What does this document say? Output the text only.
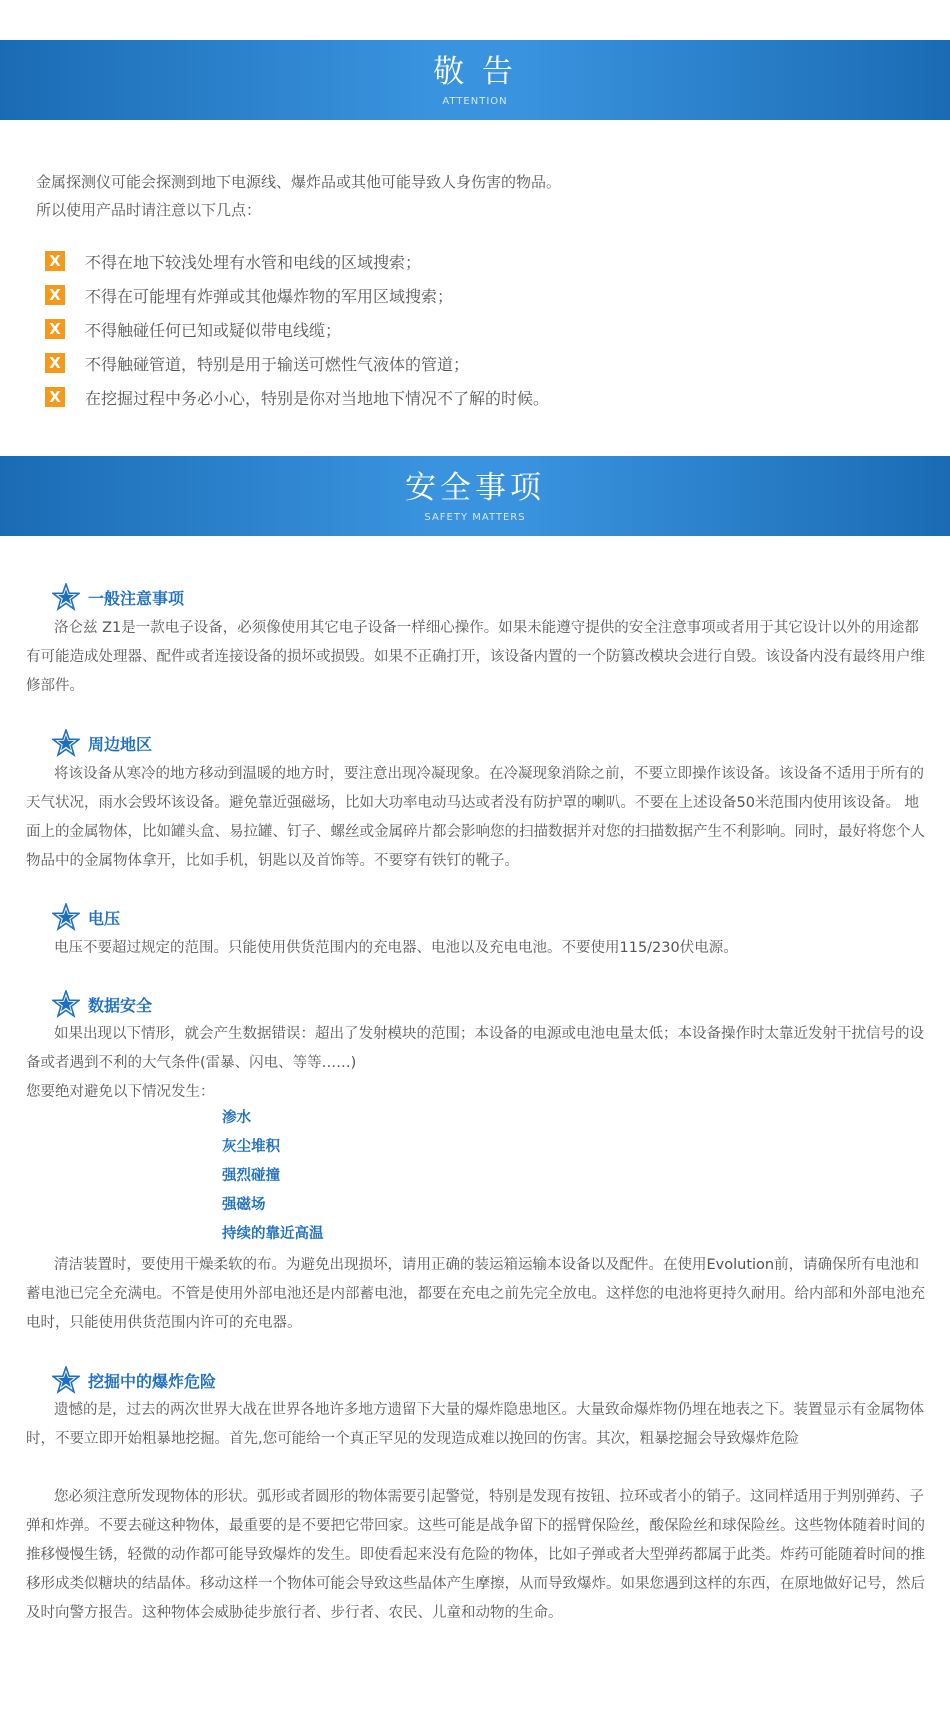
敬 告
ATTENTION
金属探测仪可能会探测到地下电源线、爆炸品或其他可能导致人身伤害的物品。
所以使用产品时请注意以下几点：
X 不得在地下较浅处埋有水管和电线的区域搜索；
X 不得在可能埋有炸弹或其他爆炸物的军用区域搜索；
X 不得触碰任何已知或疑似带电线缆；
X 不得触碰管道，特别是用于输送可燃性气液体的管道；
X 在挖掘过程中务必小心，特别是你对当地地下情况不了解的时候。
安全事项
SAFETY MATTERS
一般注意事项

洛仑兹 Z1是一款电子设备，必须像使用其它电子设备一样细心操作。如果未能遵守提供的安全注意事项或者用于其它设计以外的用途都有可能造成处理器、配件或者连接设备的损坏或损毁。如果不正确打开，该设备内置的一个防篡改模块会进行自毁。该设备内没有最终用户维修部件。

周边地区

将该设备从寒冷的地方移动到温暖的地方时，要注意出现冷凝现象。在冷凝现象消除之前，不要立即操作该设备。该设备不适用于所有的天气状况，雨水会毁坏该设备。避免靠近强磁场，比如大功率电动马达或者没有防护罩的喇叭。不要在上述设备50米范围内使用该设备。 地面上的金属物体，比如罐头盒、易拉罐、钉子、螺丝或金属碎片都会影响您的扫描数据并对您的扫描数据产生不利影响。同时，最好将您个人物品中的金属物体拿开，比如手机，钥匙以及首饰等。不要穿有铁钉的靴子。

电压

电压不要超过规定的范围。只能使用供货范围内的充电器、电池以及充电电池。不要使用115/230伏电源。

数据安全

如果出现以下情形，就会产生数据错误：超出了发射模块的范围；本设备的电源或电池电量太低；本设备操作时太靠近发射干扰信号的设备或者遇到不利的大气条件(雷暴、闪电、等等……)

您要绝对避免以下情况发生：

渗水
灰尘堆积
强烈碰撞
强磁场
持续的靠近高温

清洁装置时，要使用干燥柔软的布。为避免出现损坏，请用正确的装运箱运输本设备以及配件。在使用Evolution前，请确保所有电池和蓄电池已完全充满电。不管是使用外部电池还是内部蓄电池，都要在充电之前先完全放电。这样您的电池将更持久耐用。给内部和外部电池充电时，只能使用供货范围内许可的充电器。

挖掘中的爆炸危险

遗憾的是，过去的两次世界大战在世界各地许多地方遗留下大量的爆炸隐患地区。大量致命爆炸物仍埋在地表之下。装置显示有金属物体时，不要立即开始粗暴地挖掘。首先,您可能给一个真正罕见的发现造成难以挽回的伤害。其次，粗暴挖掘会导致爆炸危险

您必须注意所发现物体的形状。弧形或者圆形的物体需要引起警觉，特别是发现有按钮、拉环或者小的销子。这同样适用于判别弹药、子弹和炸弹。不要去碰这种物体，最重要的是不要把它带回家。这些可能是战争留下的摇臂保险丝，酸保险丝和球保险丝。这些物体随着时间的推移慢慢生锈，轻微的动作都可能导致爆炸的发生。即使看起来没有危险的物体，比如子弹或者大型弹药都属于此类。炸药可能随着时间的推移形成类似糖块的结晶体。移动这样一个物体可能会导致这些晶体产生摩擦，从而导致爆炸。如果您遇到这样的东西，在原地做好记号，然后及时向警方报告。这种物体会威胁徒步旅行者、步行者、农民、儿童和动物的生命。
